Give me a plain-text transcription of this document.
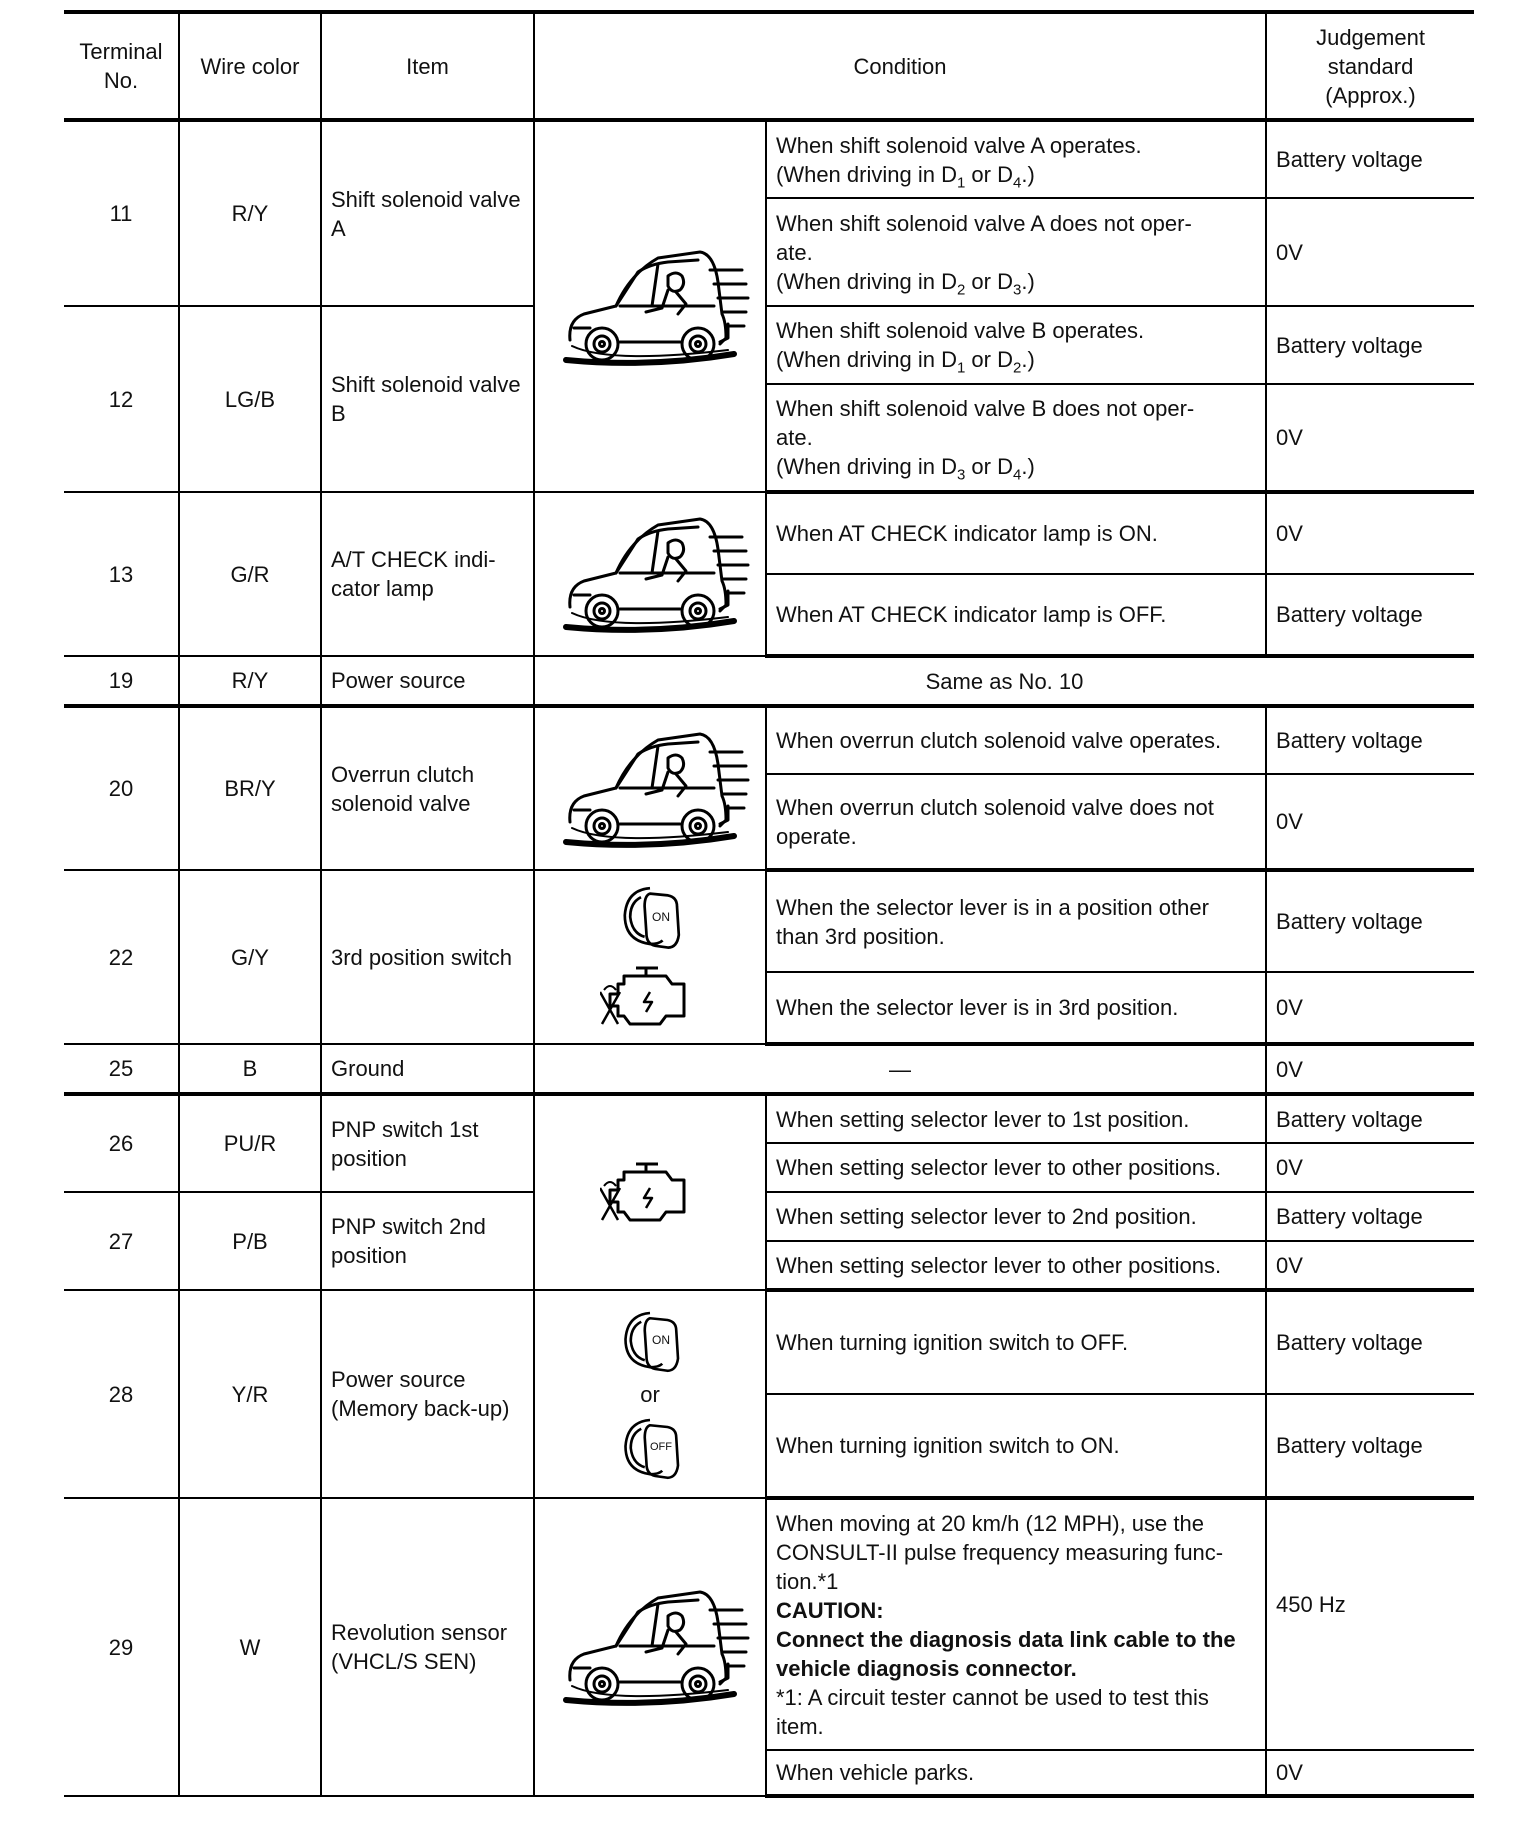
Terminal
No.	Wire color	Item	Condition		Judgement
standard
(Approx.)
11	R/Y	Shift solenoid valve A		When shift solenoid valve A operates.
(When driving in $D_1$ or $D_4$.)	Battery voltage
				When shift solenoid valve A does not oper-
ate.
(When driving in $D_2$ or $D_3$.)	0V
12	LG/B	Shift solenoid valve B		When shift solenoid valve B operates.
(When driving in $D_1$ or $D_2$.)	Battery voltage
				When shift solenoid valve B does not oper-
ate.
(When driving in $D_3$ or $D_4$.)	0V
13	G/R	A/T CHECK indi- cator lamp		When AT CHECK indicator lamp is ON.	0V
				When AT CHECK indicator lamp is OFF.	Battery voltage
19	R/Y	Power source	Same as No. 10		
20	BR/Y	Overrun clutch solenoid valve		When overrun clutch solenoid valve operates.	Battery voltage
				When overrun clutch solenoid valve does not operate.	0V
22	G/Y	3rd position switch	ON	When the selector lever is in a position other than 3rd position.	Battery voltage
				When the selector lever is in 3rd position.	0V
25	B	Ground	—		0V
26	PU/R	PNP switch 1st position		When setting selector lever to 1st position.	Battery voltage
				When setting selector lever to other positions.	0V
27	P/B	PNP switch 2nd position		When setting selector lever to 2nd position.	Battery voltage
				When setting selector lever to other positions.	0V
28	Y/R	Power source (Memory back-up)	ON
or
OFF	When turning ignition switch to OFF.	Battery voltage
				When turning ignition switch to ON.	Battery voltage
29	W	Revolution sensor (VHCL/S SEN)		When moving at 20 km/h (12 MPH), use the CONSULT-II pulse frequency measuring func- tion.*1
CAUTION:
Connect the diagnosis data link cable to the vehicle diagnosis connector.
*1: A circuit tester cannot be used to test this item.	450 Hz
				When vehicle parks.	0V
